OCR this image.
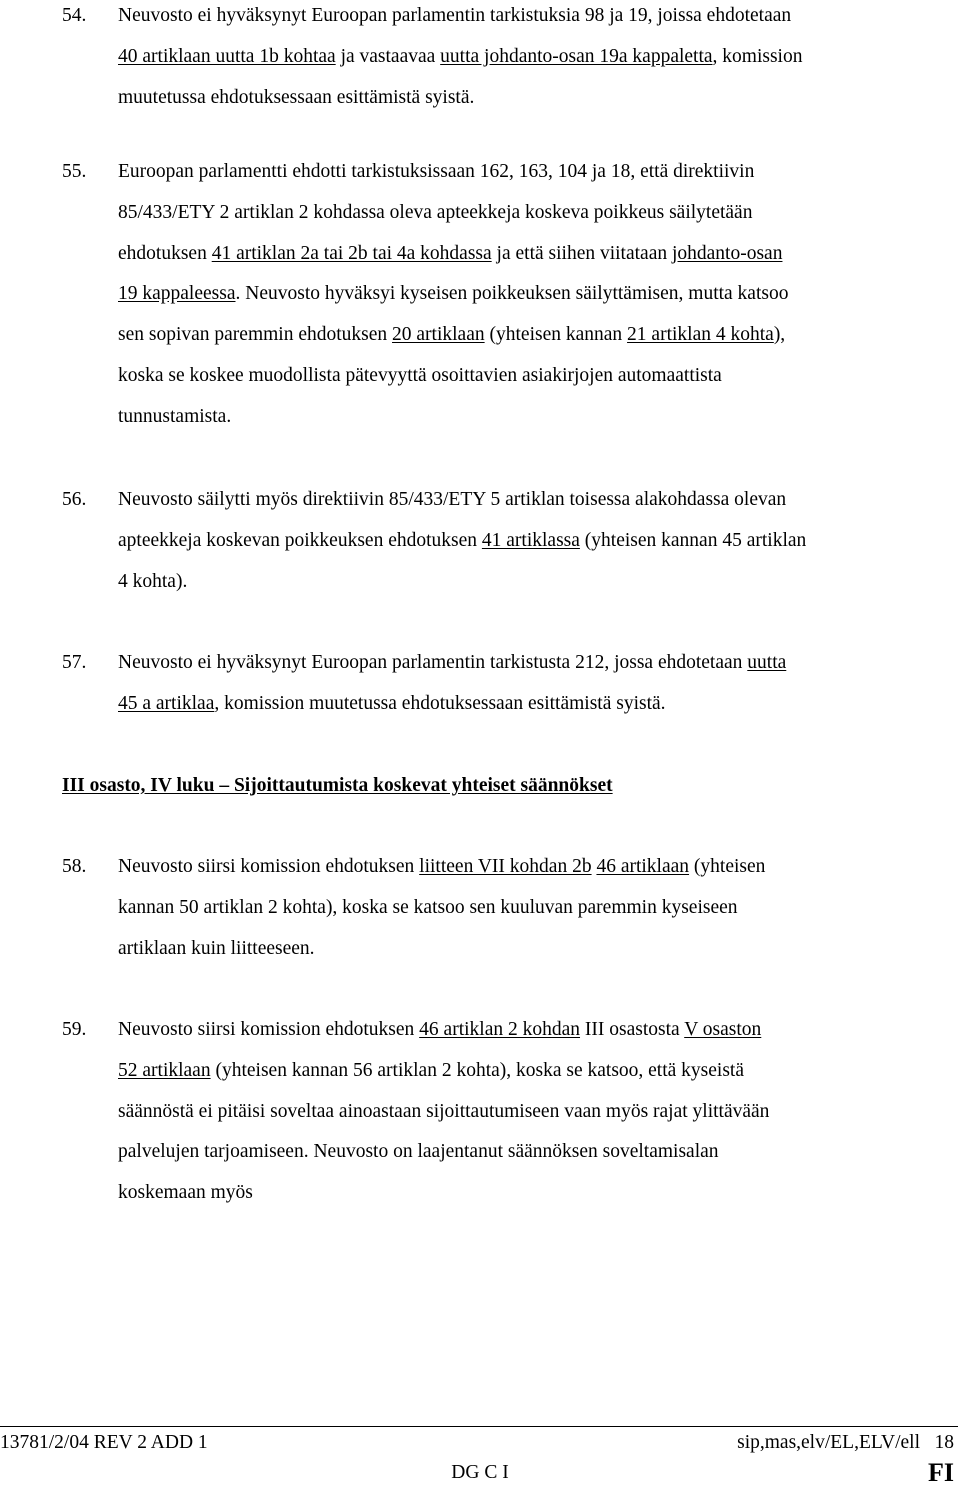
54. Neuvosto ei hyväksynyt Euroopan parlamentin tarkistuksia 98 ja 19, joissa ehdotetaan
40 artiklaan uutta 1b kohtaa ja vastaavaa uutta johdanto-osan 19a kappaletta, komission
muutetussa ehdotuksessaan esittämistä syistä.
55. Euroopan parlamentti ehdotti tarkistuksissaan 162, 163, 104 ja 18, että direktiivin
85/433/ETY 2 artiklan 2 kohdassa oleva apteekkeja koskeva poikkeus säilytetään
ehdotuksen 41 artiklan 2a tai 2b tai 4a kohdassa ja että siihen viitataan johdanto-osan
19 kappaleessa. Neuvosto hyväksyi kyseisen poikkeuksen säilyttämisen, mutta katsoo
sen sopivan paremmin ehdotuksen 20 artiklaan (yhteisen kannan 21 artiklan 4 kohta),
koska se koskee muodollista pätevyyttä osoittavien asiakirjojen automaattista
tunnustamista.
56. Neuvosto säilytti myös direktiivin 85/433/ETY 5 artiklan toisessa alakohdassa olevan
apteekkeja koskevan poikkeuksen ehdotuksen 41 artiklassa (yhteisen kannan 45 artiklan
4 kohta).
57. Neuvosto ei hyväksynyt Euroopan parlamentin tarkistusta 212, jossa ehdotetaan uutta
45 a artiklaa, komission muutetussa ehdotuksessaan esittämistä syistä.
58. Neuvosto siirsi komission ehdotuksen liitteen VII kohdan 2b 46 artiklaan (yhteisen
kannan 50 artiklan 2 kohta), koska se katsoo sen kuuluvan paremmin kyseiseen
artiklaan kuin liitteeseen.
59. Neuvosto siirsi komission ehdotuksen 46 artiklan 2 kohdan III osastosta V osaston
52 artiklaan (yhteisen kannan 56 artiklan 2 kohta), koska se katsoo, että kyseistä
säännöstä ei pitäisi soveltaa ainoastaan sijoittautumiseen vaan myös rajat ylittävään
palvelujen tarjoamiseen. Neuvosto on laajentanut säännöksen soveltamisalan
koskemaan myös
III osasto, IV luku – Sijoittautumista koskevat yhteiset säännökset
13781/2/04 REV 2 ADD 1	sip,mas,elv/EL,ELV/ell 18
DG C I	FI
